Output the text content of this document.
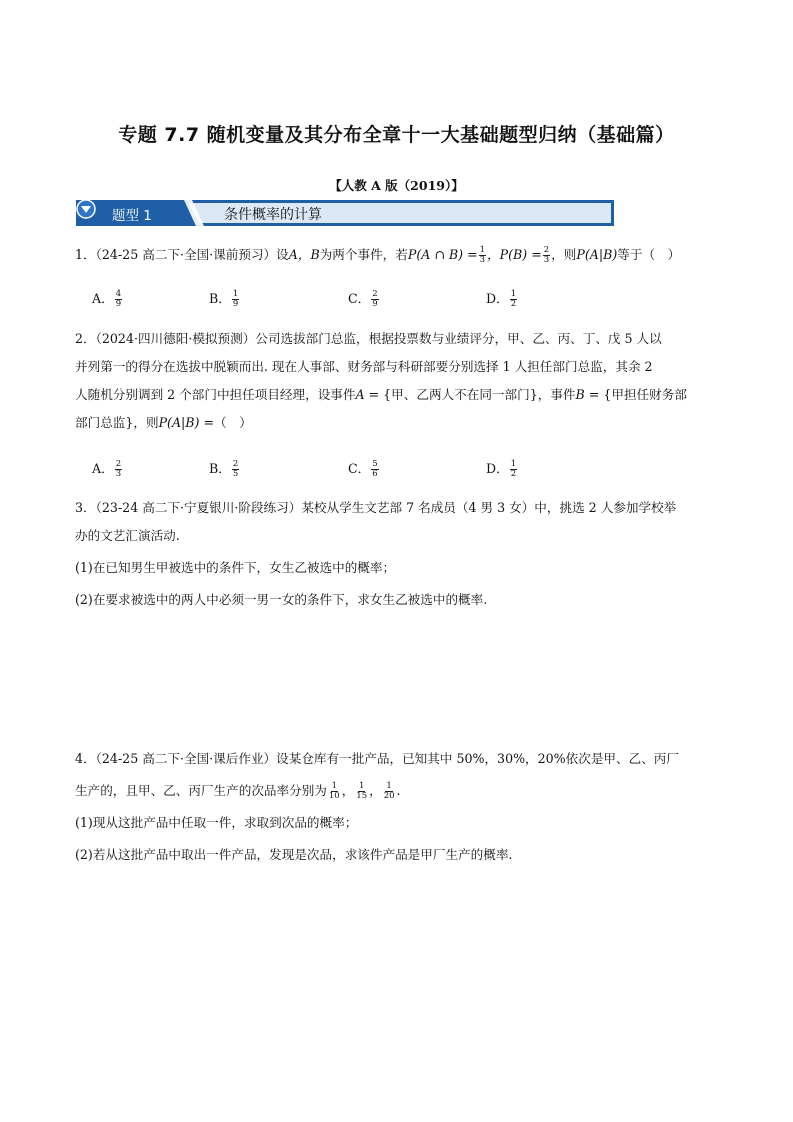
专题 7.7 随机变量及其分布全章十一大基础题型归纳（基础篇）
【人教 A 版（2019）】
题型 1	条件概率的计算

1．（24-25 高二下·全国·课前预习）设A，B为两个事件，若P(A ∩ $B) = \frac{1}{3}$ ，$P(B) = \frac{2}{3}$ ，则P(A|B)等于（　）

A． $\frac{4}{9}$	B． $\frac{1}{9}$	C． $\frac{2}{9}$	D． $\frac{1}{2}$

2．（2024·四川德阳·模拟预测）公司选拔部门总监，根据投票数与业绩评分，甲、乙、丙、丁、戊 5 人以

并列第一的得分在选拔中脱颖而出. 现在人事部、财务部与科研部要分别选择 1 人担任部门总监，其余 2

人随机分别调到 2 个部门中担任项目经理，设事件A = {甲、乙两人不在同一部门}，事件B = {甲担任财务部

部门总监}，则P(A|B) =（　）

A． $\frac{2}{3}$	B． $\frac{2}{5}$	C． $\frac{5}{6}$	D． $\frac{1}{2}$

3．（23-24 高二下·宁夏银川·阶段练习）某校从学生文艺部 7 名成员（4 男 3 女）中，挑选 2 人参加学校举

办的文艺汇演活动.

(1)在已知男生甲被选中的条件下，女生乙被选中的概率；

(2)在要求被选中的两人中必须一男一女的条件下，求女生乙被选中的概率.

4．（24-25 高二下·全国·课后作业）设某仓库有一批产品，已知其中 50%，30%，20%依次是甲、乙、丙厂

生产的，且甲、乙、丙厂生产的次品率分别为 $\frac{1}{10}$ ， $\frac{1}{15}$ ， $\frac{1}{20}$ .

(1)现从这批产品中任取一件，求取到次品的概率；

(2)若从这批产品中取出一件产品，发现是次品，求该件产品是甲厂生产的概率.
